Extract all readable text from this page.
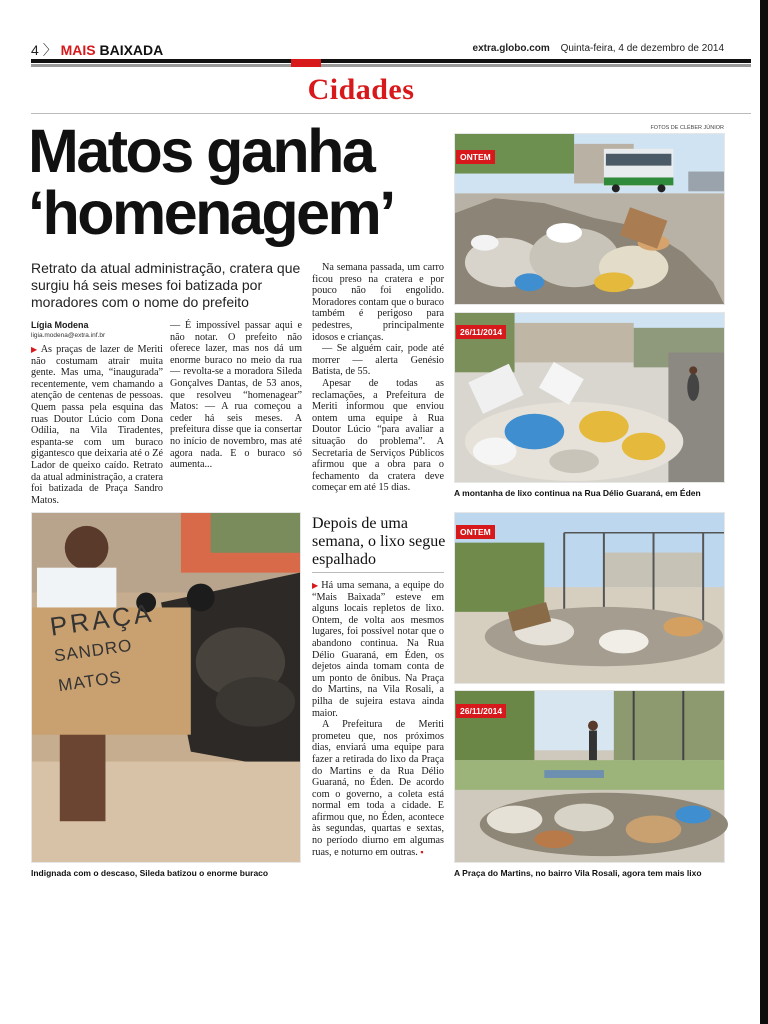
4 〉 MAIS BAIXADA	extra.globo.com Quinta-feira, 4 de dezembro de 2014
Cidades
FOTOS DE CLÉBER JÚNIOR
Matos ganha
‘homenagem’
Retrato da atual administração, cratera que surgiu há seis meses foi batizada por moradores com o nome do prefeito
Lígia Modena
ligia.modena@extra.inf.br

▶ As praças de lazer de Meriti não costumam atrair muita gente. Mas uma, “inaugurada” recentemente, vem chamando a atenção de centenas de pessoas. Quem passa pela esquina das ruas Doutor Lúcio com Dona Odília, na Vila Tiradentes, espanta-se com um buraco gigantesco que deixaria até o Zé Lador de queixo caído. Retrato da atual administração, a cratera foi batizada de Praça Sandro Matos.

— É impossível passar aqui e não notar. O prefeito não oferece lazer, mas nos dá um enorme buraco no meio da rua — revolta-se a moradora Sileda Gonçalves Dantas, de 53 anos, que resolveu “homenagear” Matos: — A rua começou a ceder há seis meses. A prefeitura disse que ia consertar no início de novembro, mas até agora nada. E o buraco só aumenta...

Na semana passada, um carro ficou preso na cratera e por pouco não foi engolido. Moradores contam que o buraco também é perigoso para pedestres, principalmente idosos e crianças.

— Se alguém cair, pode até morrer — alerta Genésio Batista, de 55.

Apesar de todas as reclamações, a Prefeitura de Meriti informou que enviou ontem uma equipe à Rua Doutor Lúcio “para avaliar a situação do problema”. A Secretaria de Serviços Públicos afirmou que a obra para o fechamento da cratera deve começar em até 15 dias.

ONTEM
26/11/2014
A montanha de lixo continua na Rua Délio Guaraná, em Éden
PRAÇA
SANDRO MATOS
Indignada com o descaso, Sileda batizou o enorme buraco
Depois de uma semana, o lixo segue espalhado

▶ Há uma semana, a equipe do “Mais Baixada” esteve em alguns locais repletos de lixo. Ontem, de volta aos mesmos lugares, foi possível notar que o abandono continua. Na Rua Délio Guaraná, em Éden, os dejetos ainda tomam conta de um ponto de ônibus. Na Praça do Martins, na Vila Rosali, a pilha de sujeira estava ainda maior.

A Prefeitura de Meriti prometeu que, nos próximos dias, enviará uma equipe para fazer a retirada do lixo da Praça do Martins e da Rua Délio Guaraná, no Éden. De acordo com o governo, a coleta está normal em toda a cidade. E afirmou que, no Éden, acontece às segundas, quartas e sextas, no período diurno em algumas ruas, e noturno em outras. ▪

ONTEM
26/11/2014
A Praça do Martins, no bairro Vila Rosali, agora tem mais lixo
